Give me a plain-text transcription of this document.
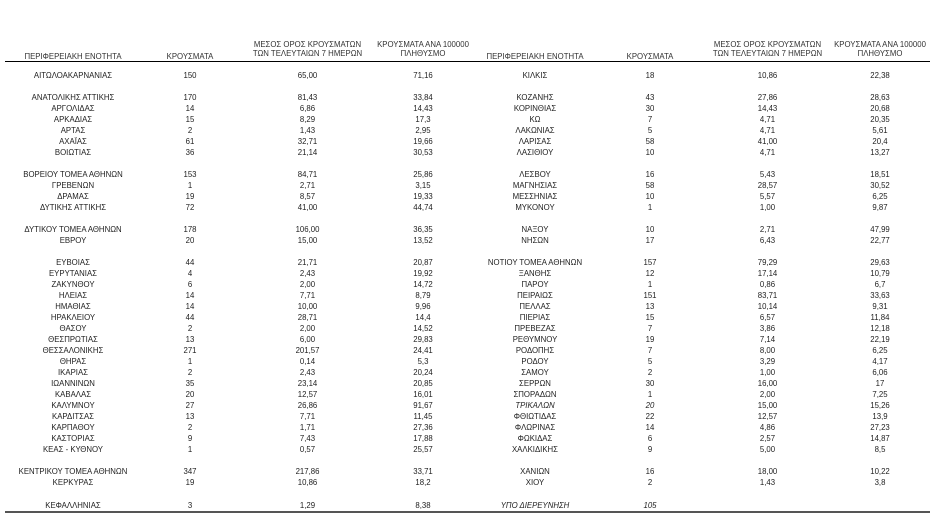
ΠΕΡΙΦΕΡΕΙΑΚΗ ΕΝΟΤΗΤΑ	ΚΡΟΥΣΜΑΤΑ
ΜΕΣΟΣ ΟΡΟΣ ΚΡΟΥΣΜΑΤΩΝ
ΤΩΝ ΤΕΛΕΥΤΑΙΩΝ 7 ΗΜΕΡΩΝ
ΚΡΟΥΣΜΑΤΑ ΑΝΑ 100000
ΠΛΗΘΥΣΜΟ	ΠΕΡΙΦΕΡΕΙΑΚΗ ΕΝΟΤΗΤΑ	ΚΡΟΥΣΜΑΤΑ
ΜΕΣΟΣ ΟΡΟΣ ΚΡΟΥΣΜΑΤΩΝ
ΤΩΝ ΤΕΛΕΥΤΑΙΩΝ 7 ΗΜΕΡΩΝ
ΚΡΟΥΣΜΑΤΑ ΑΝΑ 100000
ΠΛΗΘΥΣΜΟ
ΑΙΤΩΛΟΑΚΑΡΝΑΝΙΑΣ	150	65,00	71,16
ΑΝΑΤΟΛΙΚΗΣ ΑΤΤΙΚΗΣ	170	81,43	33,84
ΑΡΓΟΛΙΔΑΣ	14	6,86	14,43
ΑΡΚΑΔΙΑΣ	15	8,29	17,3
ΑΡΤΑΣ	2	1,43	2,95
ΑΧΑΪΑΣ	61	32,71	19,66
ΒΟΙΩΤΙΑΣ	36	21,14	30,53
ΒΟΡΕΙΟΥ ΤΟΜΕΑ ΑΘΗΝΩΝ	153	84,71	25,86
ΓΡΕΒΕΝΩΝ	1	2,71	3,15
ΔΡΑΜΑΣ	19	8,57	19,33
ΔΥΤΙΚΗΣ ΑΤΤΙΚΗΣ	72	41,00	44,74
ΔΥΤΙΚΟΥ ΤΟΜΕΑ ΑΘΗΝΩΝ	178	106,00	36,35
ΕΒΡΟΥ	20	15,00	13,52
ΕΥΒΟΙΑΣ	44	21,71	20,87
ΕΥΡΥΤΑΝΙΑΣ	4	2,43	19,92
ΖΑΚΥΝΘΟΥ	6	2,00	14,72
ΗΛΕΙΑΣ	14	7,71	8,79
ΗΜΑΘΙΑΣ	14	10,00	9,96
ΗΡΑΚΛΕΙΟΥ	44	28,71	14,4
ΘΑΣΟΥ	2	2,00	14,52
ΘΕΣΠΡΩΤΙΑΣ	13	6,00	29,83
ΘΕΣΣΑΛΟΝΙΚΗΣ	271	201,57	24,41
ΘΗΡΑΣ	1	0,14	5,3
ΙΚΑΡΙΑΣ	2	2,43	20,24
ΙΩΑΝΝΙΝΩΝ	35	23,14	20,85
ΚΑΒΑΛΑΣ	20	12,57	16,01
ΚΑΛΥΜΝΟΥ	27	26,86	91,67
ΚΑΡΔΙΤΣΑΣ	13	7,71	11,45
ΚΑΡΠΑΘΟΥ	2	1,71	27,36
ΚΑΣΤΟΡΙΑΣ	9	7,43	17,88
ΚΕΑΣ - ΚΥΘΝΟΥ	1	0,57	25,57
ΚΕΝΤΡΙΚΟΥ ΤΟΜΕΑ ΑΘΗΝΩΝ	347	217,86	33,71
ΚΕΡΚΥΡΑΣ	19	10,86	18,2
ΚΕΦΑΛΛΗΝΙΑΣ	3	1,29	8,38
ΚΙΛΚΙΣ	18	10,86	22,38
ΚΟΖΑΝΗΣ	43	27,86	28,63
ΚΟΡΙΝΘΙΑΣ	30	14,43	20,68
ΚΩ	7	4,71	20,35
ΛΑΚΩΝΙΑΣ	5	4,71	5,61
ΛΑΡΙΣΑΣ	58	41,00	20,4
ΛΑΣΙΘΙΟΥ	10	4,71	13,27
ΛΕΣΒΟΥ	16	5,43	18,51
ΜΑΓΝΗΣΙΑΣ	58	28,57	30,52
ΜΕΣΣΗΝΙΑΣ	10	5,57	6,25
ΜΥΚΟΝΟΥ	1	1,00	9,87
ΝΑΞΟΥ	10	2,71	47,99
ΝΗΣΩΝ	17	6,43	22,77
ΝΟΤΙΟΥ ΤΟΜΕΑ ΑΘΗΝΩΝ	157	79,29	29,63
ΞΑΝΘΗΣ	12	17,14	10,79
ΠΑΡΟΥ	1	0,86	6,7
ΠΕΙΡΑΙΩΣ	151	83,71	33,63
ΠΕΛΛΑΣ	13	10,14	9,31
ΠΙΕΡΙΑΣ	15	6,57	11,84
ΠΡΕΒΕΖΑΣ	7	3,86	12,18
ΡΕΘΥΜΝΟΥ	19	7,14	22,19
ΡΟΔΟΠΗΣ	7	8,00	6,25
ΡΟΔΟΥ	5	3,29	4,17
ΣΑΜΟΥ	2	1,00	6,06
ΣΕΡΡΩΝ	30	16,00	17
ΣΠΟΡΑΔΩΝ	1	2,00	7,25
ΤΡΙΚΑΛΩΝ	20	15,00	15,26
ΦΘΙΩΤΙΔΑΣ	22	12,57	13,9
ΦΛΩΡΙΝΑΣ	14	4,86	27,23
ΦΩΚΙΔΑΣ	6	2,57	14,87
ΧΑΛΚΙΔΙΚΗΣ	9	5,00	8,5
ΧΑΝΙΩΝ	16	18,00	10,22
ΧΙΟΥ	2	1,43	3,8
ΥΠΟ ΔΙΕΡΕΥΝΗΣΗ	105
